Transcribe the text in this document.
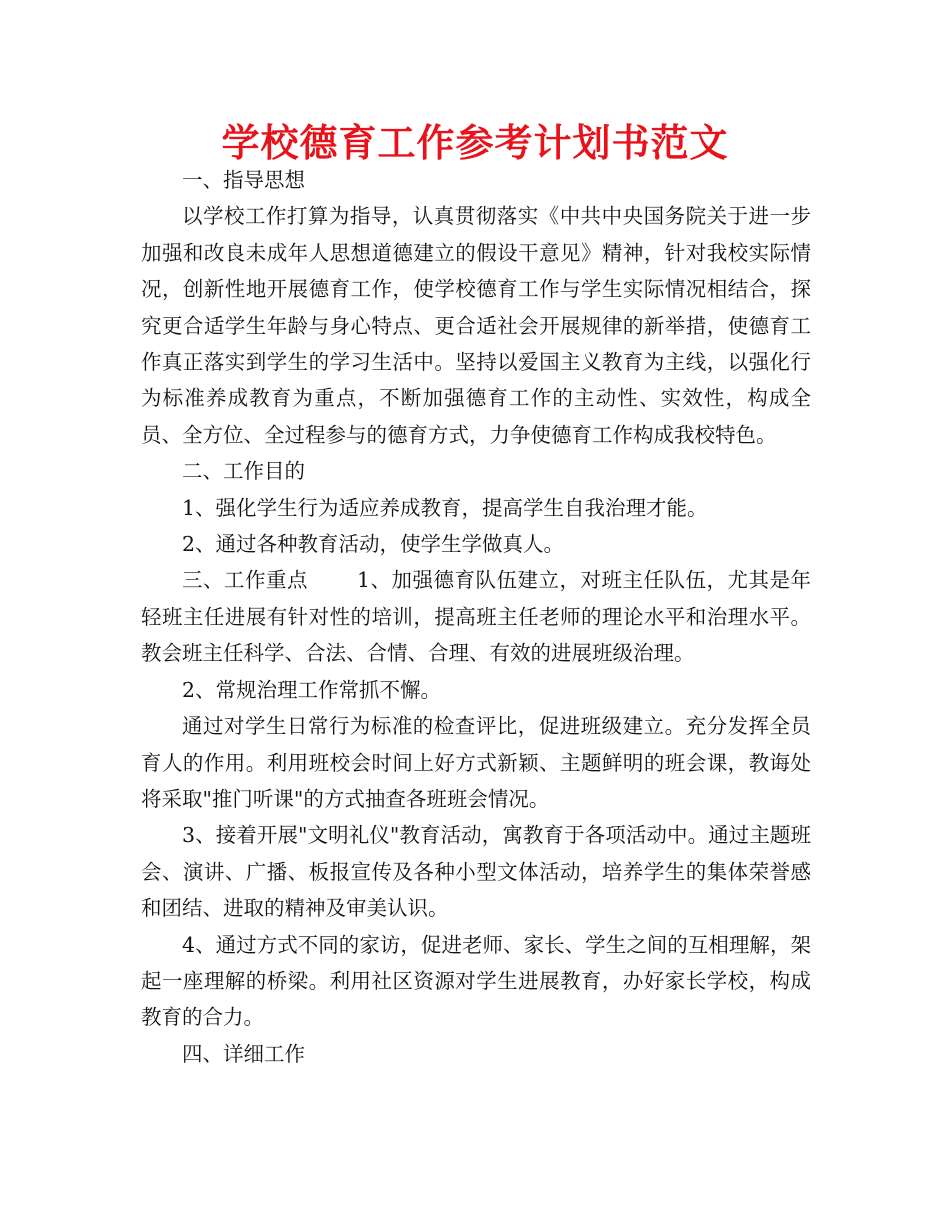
学校德育工作参考计划书范文

一、指导思想

以学校工作打算为指导，认真贯彻落实《中共中央国务院关于进一步加强和改良未成年人思想道德建立的假设干意见》精神，针对我校实际情况，创新性地开展德育工作，使学校德育工作与学生实际情况相结合，探究更合适学生年龄与身心特点、更合适社会开展规律的新举措，使德育工作真正落实到学生的学习生活中。坚持以爱国主义教育为主线，以强化行为标准养成教育为重点，不断加强德育工作的主动性、实效性，构成全员、全方位、全过程参与的德育方式，力争使德育工作构成我校特色。

二、工作目的

1、强化学生行为适应养成教育，提高学生自我治理才能。

2、通过各种教育活动，使学生学做真人。

三、工作重点　　 1、加强德育队伍建立，对班主任队伍，尤其是年轻班主任进展有针对性的培训，提高班主任老师的理论水平和治理水平。教会班主任科学、合法、合情、合理、有效的进展班级治理。

2、常规治理工作常抓不懈。

通过对学生日常行为标准的检查评比，促进班级建立。充分发挥全员育人的作用。利用班校会时间上好方式新颖、主题鲜明的班会课，教诲处将采取"推门听课"的方式抽查各班班会情况。

3、接着开展"文明礼仪"教育活动，寓教育于各项活动中。通过主题班会、演讲、广播、板报宣传及各种小型文体活动，培养学生的集体荣誉感和团结、进取的精神及审美认识。

4、通过方式不同的家访，促进老师、家长、学生之间的互相理解，架起一座理解的桥梁。利用社区资源对学生进展教育，办好家长学校，构成教育的合力。

四、详细工作
